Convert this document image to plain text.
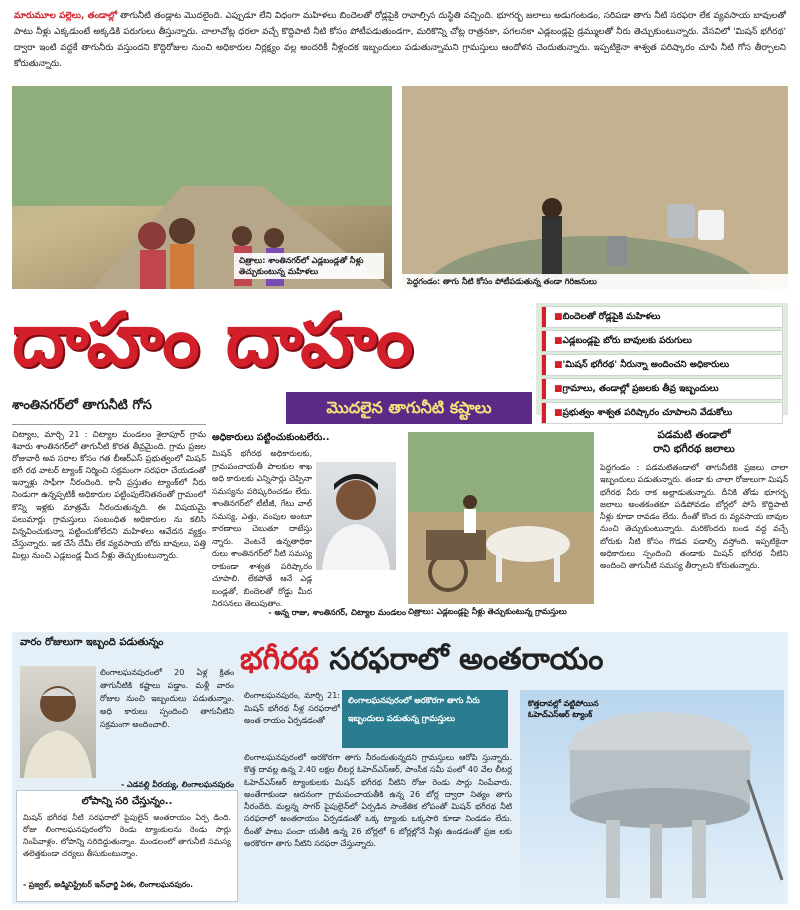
మారుమూల పల్లెలు, తండాల్లో తాగునీటి తండ్లాట మొదలైంది. ఎప్పుడూ లేని విధంగా మహిళలు బిందెలతో రోడ్లపైకి రావాల్సిన దుస్థితి వచ్చింది. భూగర్భ జలాలు అడుగంటడం, సరిపడా తాగు నీటి సరఫరా లేక వ్యవసాయ బావులతో పాటు నీళ్లు ఎక్కడుంటే అక్కడికి పరుగులు తీస్తున్నారు. చాలాచోట్ల ధరలా వచ్చే కొద్దిపాటి నీటి కోసం పోటీపడుతుండగా, మరికొన్ని చోట్ల రాత్రనకా, పగలనకా ఎడ్లబండ్లపై డ్రమ్ములతో నీరు తెచ్చుకుంటున్నారు. వేసవిలో 'మిషన్ భగీరథ' ద్వారా ఇంటి వద్దకే తాగునీరు వస్తుందని కొద్దిరోజుల నుంచి అధికారుల నిర్లక్ష్యం వల్ల అందరికీ నీళ్లందక ఇబ్బందులు పడుతున్నామని గ్రామస్తులు ఆందోళన చెందుతున్నారు. ఇప్పటికైనా శాశ్వత పరిష్కారం చూపి నీటి గోస తీర్చాలని కోరుతున్నారు.
చిత్రాలు: శాంతినగర్‌లో ఎడ్లబండ్లతో నీళ్లు తెచ్చుకుంటున్న మహిళలు
పెద్దగండం: తాగు నీటి కోసం పోటీపడుతున్న తండా గిరిజనులు
దాహం దాహం
■	బిందెలతో రోడ్లపైకి మహిళలు
■ ఎడ్లబండ్లపై బోరు బావులకు పరుగులు
■ 'మిషన్ భగీరథ' నీరున్నా అందించని అధికారులు
■ గ్రామాలు, తండాల్లో ప్రజలకు తీవ్ర ఇబ్బందులు
■ ప్రభుత్వం శాశ్వత పరిష్కారం చూపాలని వేడుకోలు
మొదలైన తాగునీటి కష్టాలు
శాంతినగర్‌లో తాగునీటి గోస
చిట్యాల, మార్చి 21 : చిట్యాల మండలం శైలాపూర్ గ్రామ శివారు శాంతినగర్‌లో తాగునీటి కొరత తీవ్రమైంది. గ్రామ ప్రజల రోజువారీ అవ సరాల కోసం గత బీఆర్ఎస్ ప్రభుత్వంలో మిషన్ భగీ రథ వాటర్ ట్యాంక్ నిర్మించి సక్రమంగా సరఫరా చేయడంతో ఇన్నాళ్లు సాఫీగా నీరందింది. కానీ ప్రస్తుతం ట్యాంక్‌లో నీరు నిండుగా ఉన్నప్పటికీ అధికారుల పట్టింపులేనితనంతో గ్రామంలో కొన్ని ఇళ్లకు మాత్రమే నీరందుతున్నది. ఈ విషయమై పలుమార్లు గ్రామస్తులు సంబంధిత అధికారుల ను కలిసి విన్నవించుకున్నా పట్టించుకోలేదని మహిళలు ఆవేదన వ్యక్తం చేస్తున్నారు. ఇక చేసే దేమీ లేక వ్యవసాయ బోరు బావులు, పత్తి మిల్లు నుంచి ఎడ్లబండ్ల మీద నీళ్లు తెచ్చుకుంటున్నారు.
అధికారులు పట్టించుకుంటలేరు..
మిషన్ భగీరథ అధికారులకు, గ్రామపంచాయతీ పాలకుల శాఖ అధి కారులకు ఎన్నిసార్లు చెప్పినా సమస్యను పరిష్కరించడం లేదు. శాంతినగర్‌లో టీటీజీ, గేటు వాల్ సమస్య, ఎత్తు, వంపుల అంటూ కారణాలు చెబుతూ దాటేస్తు న్నారు. వెంటనే ఉన్నతాధికా రులు శాంతినగర్‌లో నీటి సమస్య రాకుండా శాశ్వత పరిష్కారం చూపాలి. లేకపోతే ఆనే ఎడ్ల బండ్లతో, బిందెలతో రోడ్డు మీద నిరసనలు తెలుపుతాం.
- అన్న రాజు, శాంతినగర్, చిట్యాల మండలం చిత్రాలు: ఎడ్లబండ్లపై నీళ్లు తెచ్చుకుంటున్న గ్రామస్తులు
పడమటి తండాలో
రాని భగీరథ జలాలు
పెద్దగండం : పడమటితండాలో తాగునీటికి ప్రజలు చాలా ఇబ్బందులు పడుతున్నారు. తండా కు చాలా రోజులుగా మిషన్ భగీరథ నీరు రాక అల్లాడుతున్నారు. దీనికి తోడు భూగర్భ జలాలు అంతకంతకూ పడిపోవడం బోర్లలో పోసే కొద్దిపాటి నీళ్లు కూడా రావడం లేదు. దీంతో కొంద రు వ్యవసాయ బావుల నుంచి తెచ్చుకుంటున్నారు. మరికొందరు బండ వద్ద వచ్చే బోరుకు నీటి కోసం గొడవ పడాల్సి వస్తోంది. ఇప్పటికైనా అధికారులు స్పందించి తండాకు మిషన్ భగీరథ నీటిని అందించి తాగునీటి సమస్య తీర్చాలని కోరుతున్నారు.
వారం రోజులుగా ఇబ్బంది పడుతున్నం
లింగాలఘనపురంలో 20 ఏళ్ల క్రితం తాగునీటికి కష్టాలు పడ్డాం. మళ్లీ వారం రోజుల నుంచి ఇబ్బందులు పడుతున్నాం. అధి కారులు స్పందించి తాగునీటిని సక్రమంగా అందించాలి.
- ఎడవల్లి వీరయ్య, లింగాలఘనపురం
భగీరథ సరఫరాలో అంతరాయం
లింగాలఘనపురం, మార్చి 21: మిషన్ భగీరథ నీళ్ల సరఫరాలో అంత రాయం ఏర్పడడంతో
లింగాలఘనపురంలో అరకొరగా తాగు నీరు
ఇబ్బందులు పడుతున్న గ్రామస్తులు
లింగాలఘనపురంలో అరకొరగా తాగు నీరందుతున్నదని గ్రామస్తులు ఆరోపి స్తున్నారు. కొత్త దావల్ల ఉన్న 2.40 లక్షల లీటర్ల ఓహెచ్‌ఎస్ఆర్, పాంసీక సమీ పంలో 40 వేల లీటర్ల ఓహెచ్‌ఎస్ఆర్ ట్యాంకులకు మిషన్ భగీరథ నీటిని రోజు రెండు సార్లు నింపేవారు. అంతేగాకుండా ఆదనంగా గ్రామపంచాయతీకి ఉన్న 26 బోర్ల ద్వారా నిత్యం తాగు నీరందేది. మల్లన్న సాగర్ పైపులైన్‌లో ఏర్పడిన సాంకేతిక లోపంతో మిషన్ భగీరథ నీటి సరఫరాలో అంతరాయం ఏర్పడడంతో ఒక్క ట్యాంకు ఒక్కసారి కూడా నిండడం లేదు. దీంతో పాటు పంచా యతీకి ఉన్న 26 బోర్లలో 6 బోర్లల్లోనే నీళ్లు ఉండడంతో ప్రజ లకు అరకొరగా తాగు నీటిని సరఫరా చేస్తున్నారు.
కొత్తదావల్లో వట్టిపోయిన ఓహెచ్‌ఎస్ఆర్ ట్యాంక్
లోపాన్ని సరి చేస్తున్నం..
మిషన్ భగీరథ నీటి సరఫరాలో పైపులైన్ అంతరాయం ఏర్ప డింది. రోజు లింగాలఘనపురంలోని రెండు ట్యాంకులను రెండు సార్లు నింపేవాళ్లం. లోపాన్ని సరిదిద్దుతున్నాం. మండలంలో తాగునీటి సమస్య తలెత్తకుండా చర్యలు తీసుకుంటున్నాం.
- ప్రజ్వల్, అడ్మినిస్ట్రేటర్ ఇన్‌ఛార్జి ఏఈ, లింగాలఘనపురం.
